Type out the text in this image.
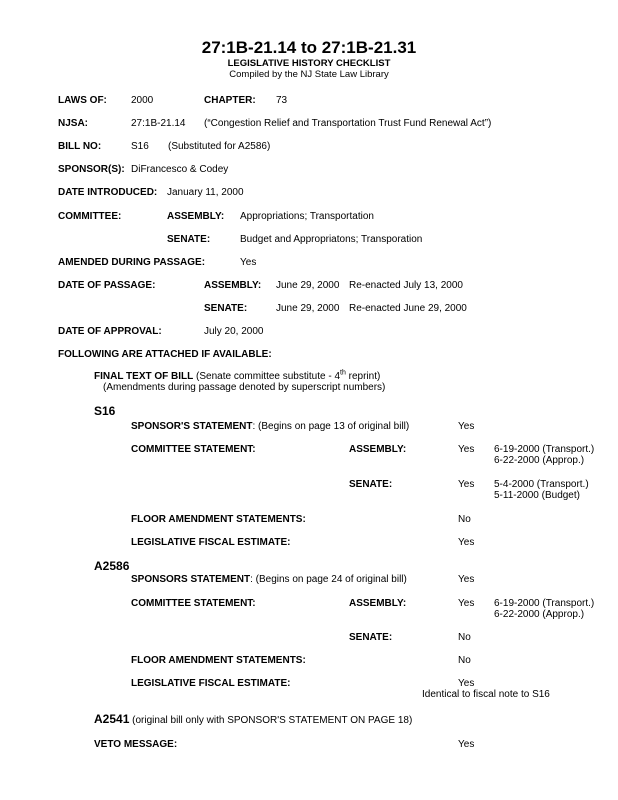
27:1B-21.14 to 27:1B-21.31
LEGISLATIVE HISTORY CHECKLIST
Compiled by the NJ State Law Library
LAWS OF: 2000	CHAPTER: 73
NJSA:	27:1B-21.14 (“Congestion Relief and Transportation Trust Fund Renewal Act”)
BILL NO:	S16 (Substituted for A2586)
SPONSOR(S): DiFrancesco & Codey
DATE INTRODUCED: January 11, 2000
COMMITTEE:	ASSEMBLY: Appropriations; Transportation
SENATE:	Budget and Appropriatons; Transporation
AMENDED DURING PASSAGE:	Yes
DATE OF PASSAGE:	ASSEMBLY: June 29, 2000 Re-enacted July 13, 2000
SENATE:	June 29, 2000 Re-enacted June 29, 2000
DATE OF APPROVAL:	July 20, 2000
FOLLOWING ARE ATTACHED IF AVAILABLE:
FINAL TEXT OF BILL (Senate committee substitute - 4th reprint)
(Amendments during passage denoted by superscript numbers)
S16
SPONSOR'S STATEMENT: (Begins on page 13 of original bill)	Yes
COMMITTEE STATEMENT:	ASSEMBLY:	Yes 6-19-2000 (Transport.)
6-22-2000 (Approp.)
SENATE:	Yes 5-4-2000 (Transport.)
5-11-2000 (Budget)
FLOOR AMENDMENT STATEMENTS:	No
LEGISLATIVE FISCAL ESTIMATE:	Yes
A2586
SPONSORS STATEMENT: (Begins on page 24 of original bill)	Yes
COMMITTEE STATEMENT:	ASSEMBLY:	Yes 6-19-2000 (Transport.)
6-22-2000 (Approp.)
SENATE:	No
FLOOR AMENDMENT STATEMENTS:	No
LEGISLATIVE FISCAL ESTIMATE:	Yes
Identical to fiscal note to S16
A2541 (original bill only with SPONSOR'S STATEMENT ON PAGE 18)
VETO MESSAGE:	Yes
